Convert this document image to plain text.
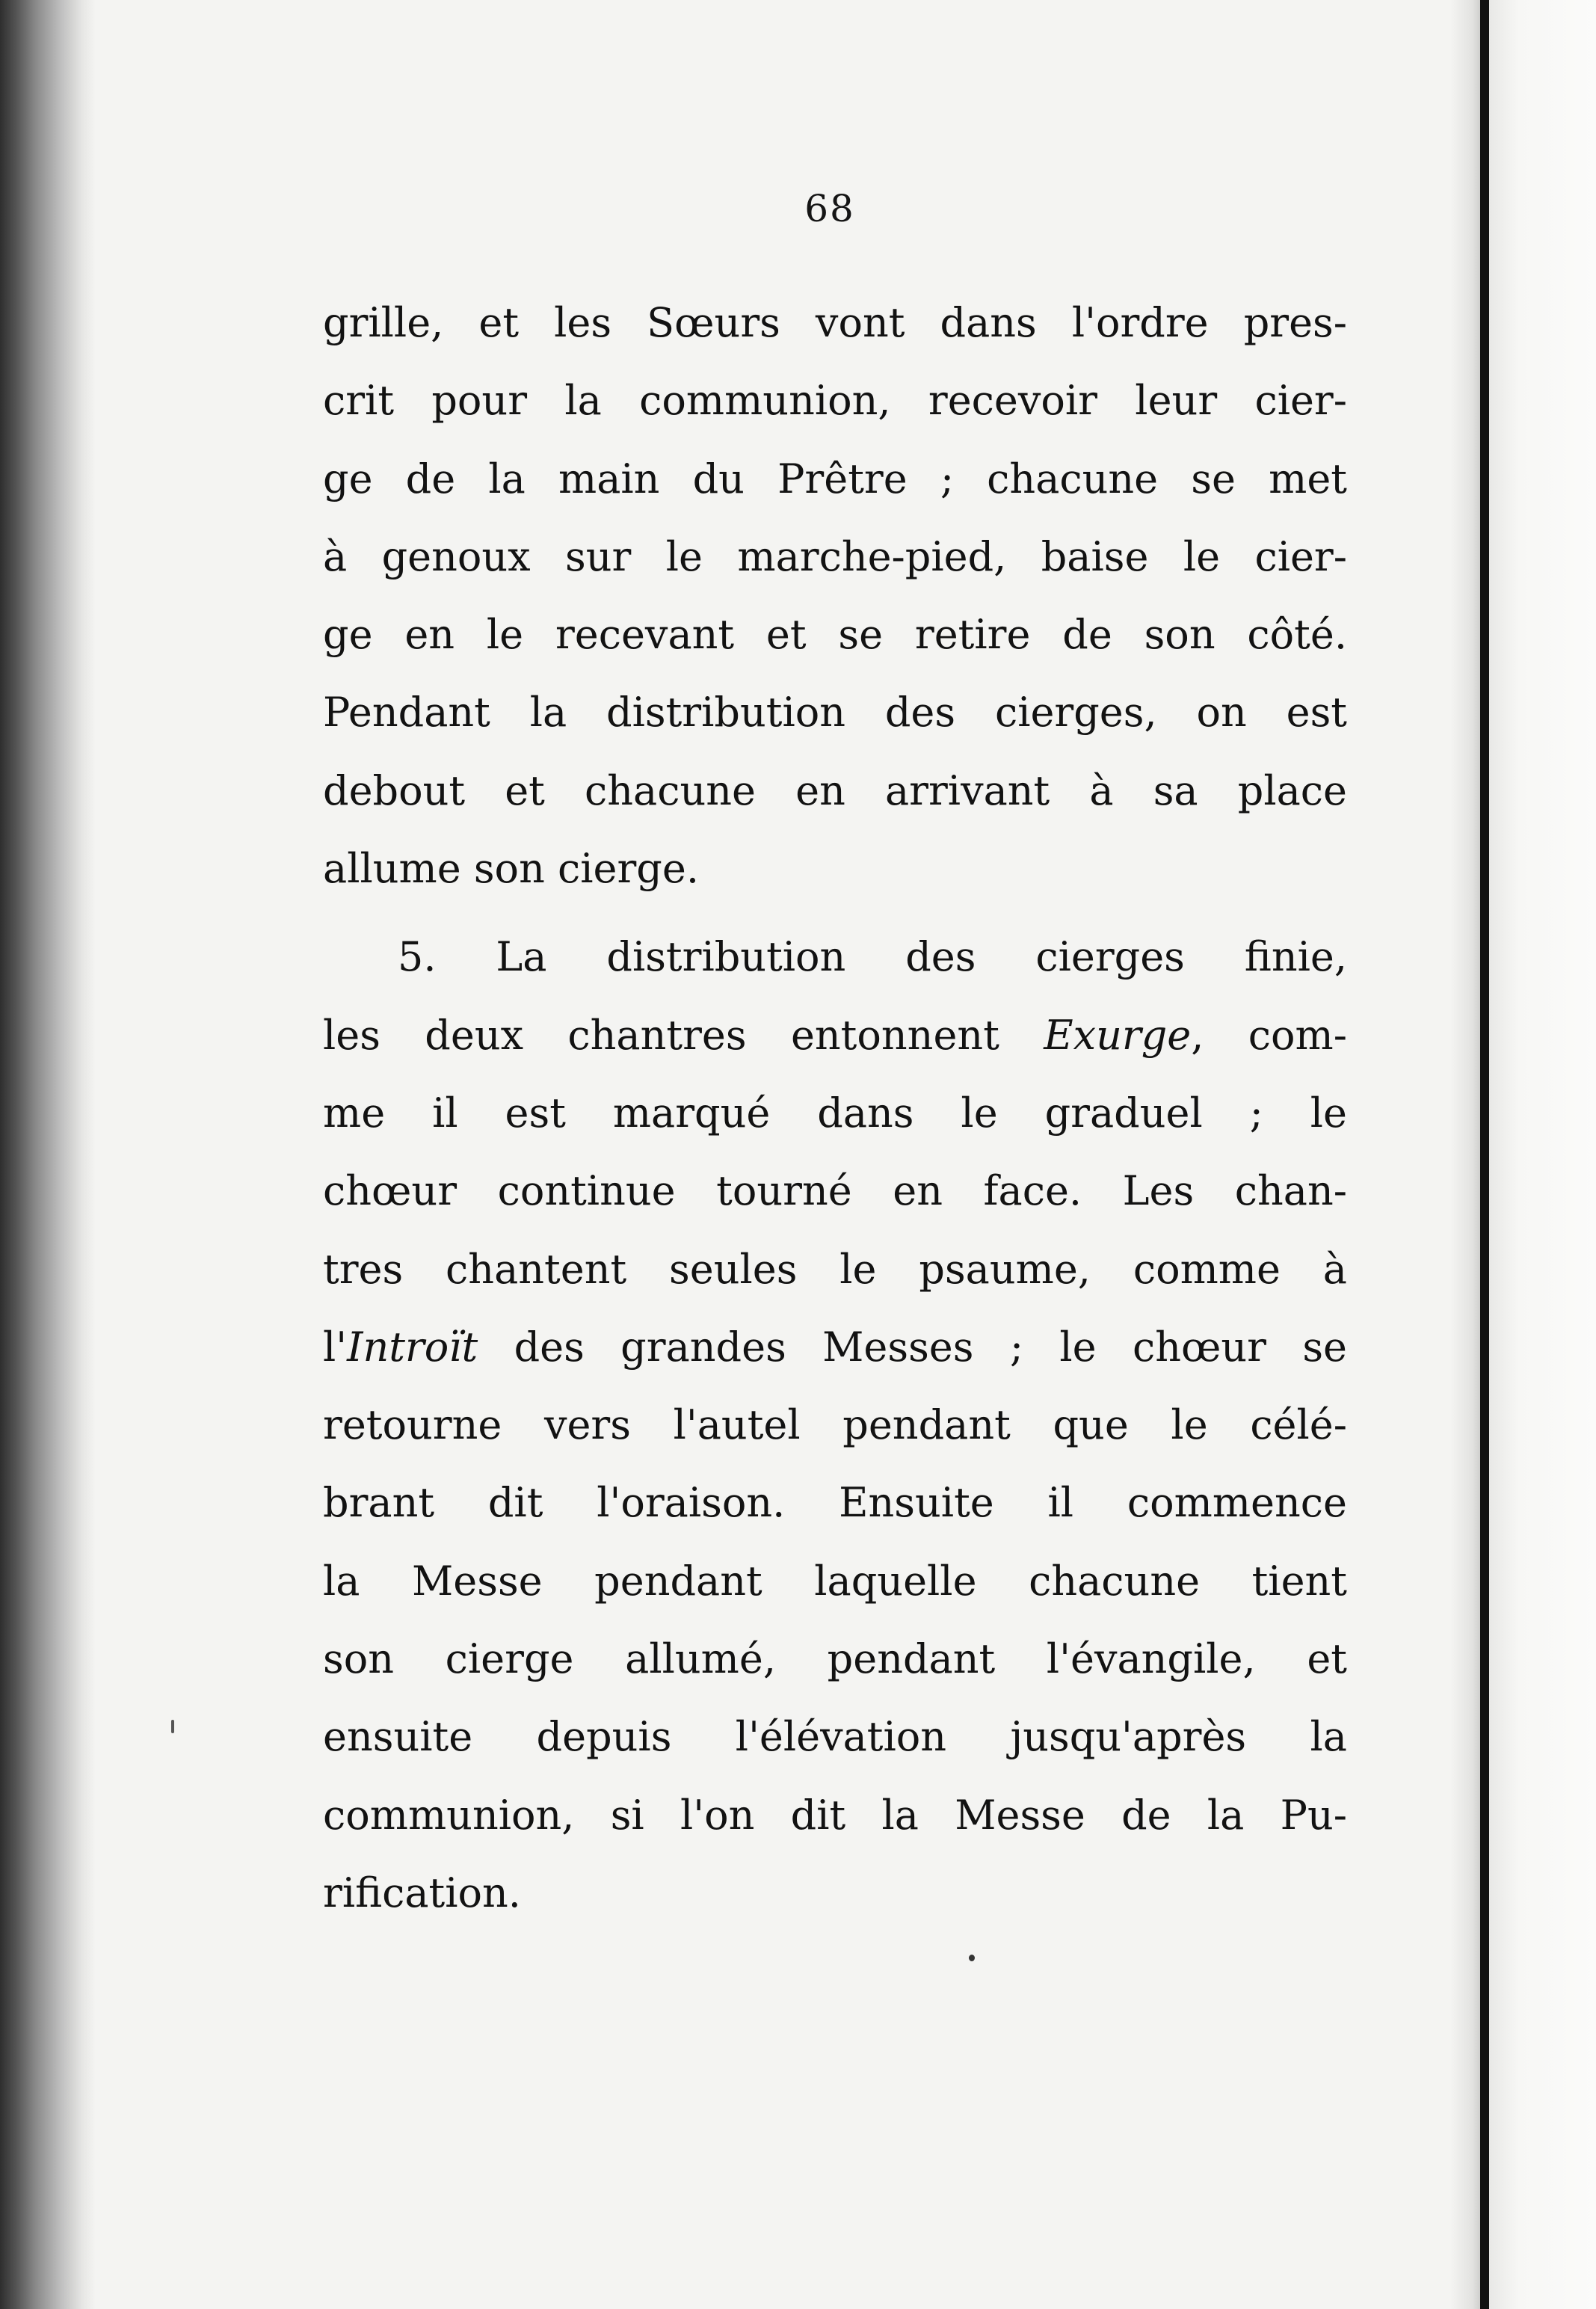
68
grille, et les Sœurs vont dans l'ordre pres-
crit pour la communion, recevoir leur cier-
ge de la main du Prêtre ; chacune se met
à genoux sur le marche-pied, baise le cier-
ge en le recevant et se retire de son côté.
Pendant la distribution des cierges, on est
debout et chacune en arrivant à sa place
allume son cierge.
5. La distribution des cierges finie,
les deux chantres entonnent Exurge, com-
me il est marqué dans le graduel ; le
chœur continue tourné en face. Les chan-
tres chantent seules le psaume, comme à
l'Introït des grandes Messes ; le chœur se
retourne vers l'autel pendant que le célé-
brant dit l'oraison. Ensuite il commence
la Messe pendant laquelle chacune tient
son cierge allumé, pendant l'évangile, et
ensuite depuis l'élévation jusqu'après la
communion, si l'on dit la Messe de la Pu-
rification.
